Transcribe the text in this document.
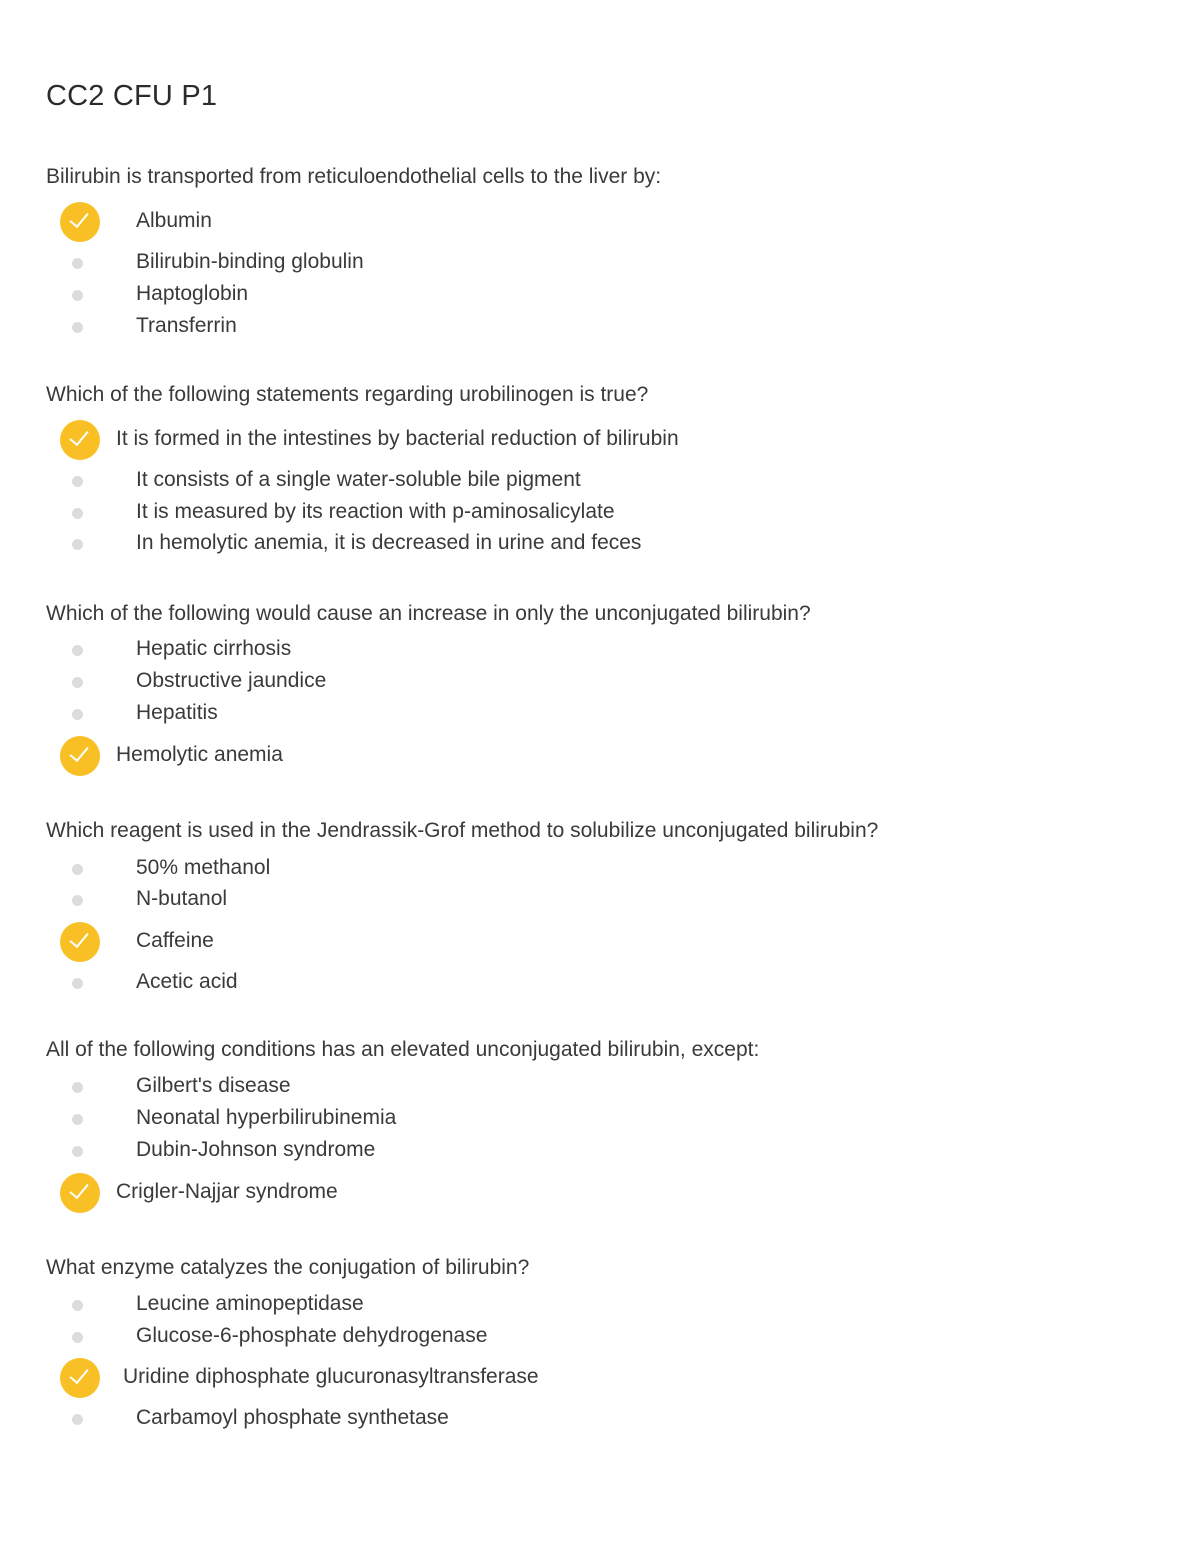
CC2 CFU P1

Bilirubin is transported from reticuloendothelial cells to the liver by:

Albumin
Bilirubin-binding globulin
Haptoglobin
Transferrin

Which of the following statements regarding urobilinogen is true?

It is formed in the intestines by bacterial reduction of bilirubin
It consists of a single water-soluble bile pigment
It is measured by its reaction with p-aminosalicylate
In hemolytic anemia, it is decreased in urine and feces

Which of the following would cause an increase in only the unconjugated bilirubin?

Hepatic cirrhosis
Obstructive jaundice
Hepatitis
Hemolytic anemia

Which reagent is used in the Jendrassik-Grof method to solubilize unconjugated bilirubin?

50% methanol
N-butanol
Caffeine
Acetic acid

All of the following conditions has an elevated unconjugated bilirubin, except:

Gilbert's disease
Neonatal hyperbilirubinemia
Dubin-Johnson syndrome
Crigler-Najjar syndrome

What enzyme catalyzes the conjugation of bilirubin?

Leucine aminopeptidase
Glucose-6-phosphate dehydrogenase
Uridine diphosphate glucuronasyltransferase
Carbamoyl phosphate synthetase
